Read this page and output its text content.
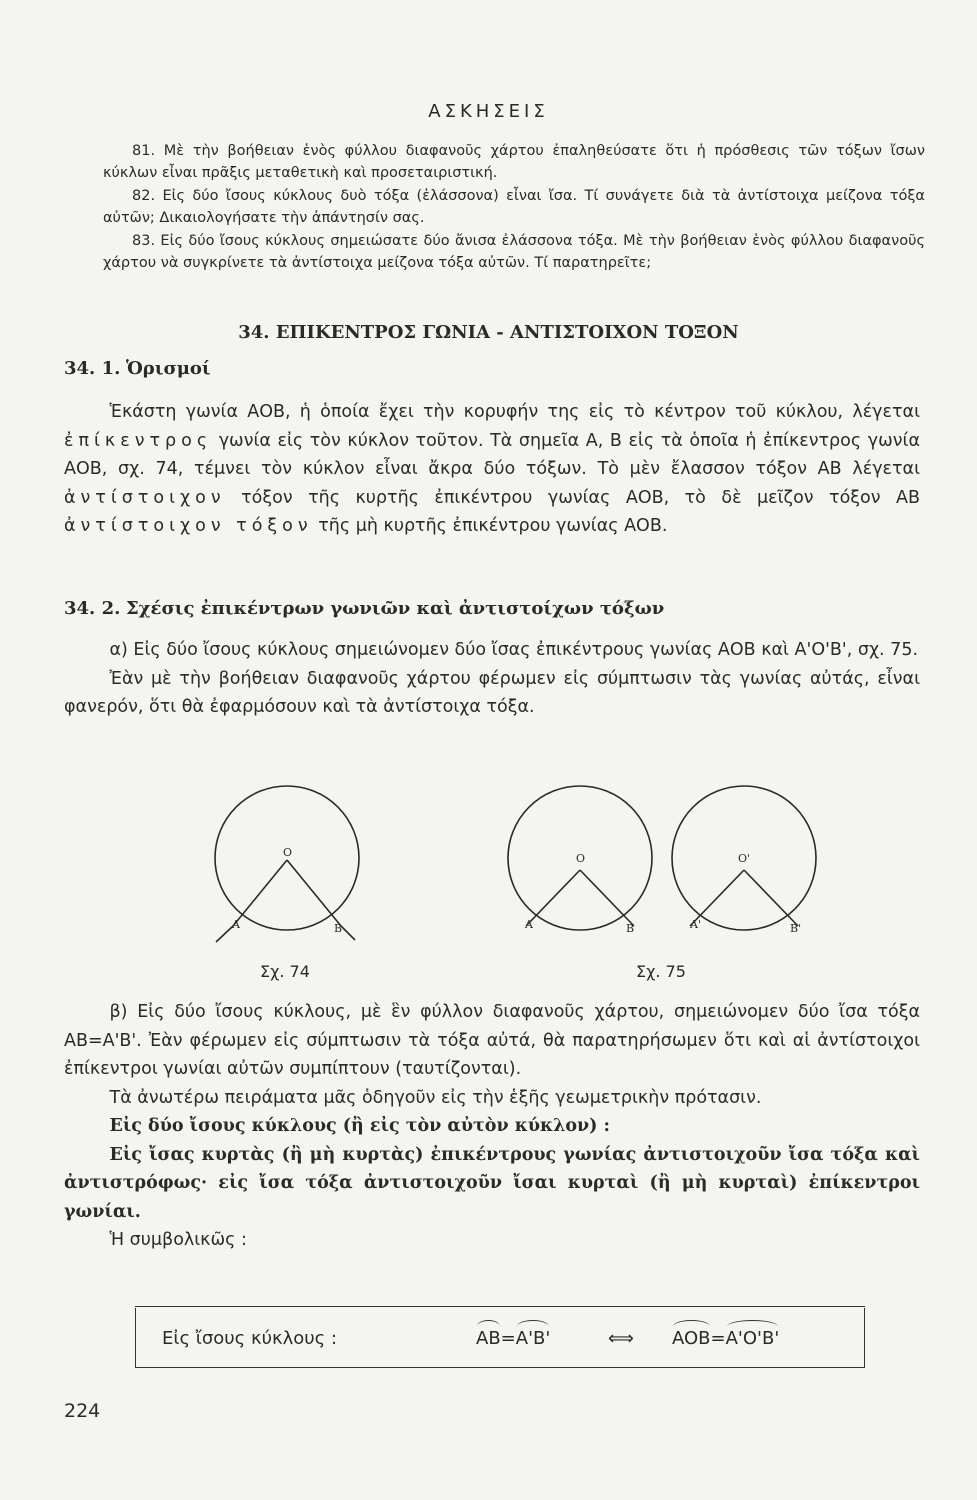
ΑΣΚΗΣΕΙΣ

81. Μὲ τὴν βοήθειαν ἑνὸς φύλλου διαφανοῦς χάρτου ἐπαληθεύσατε ὅτι ἡ πρόσθεσις τῶν τόξων ἴσων κύκλων εἶναι πρᾶξις μεταθετικὴ καὶ προσεταιριστική.

82. Εἰς δύο ἴσους κύκλους δυὸ τόξα (ἐλάσσονα) εἶναι ἴσα. Τί συνάγετε διὰ τὰ ἀντίστοιχα μείζονα τόξα αὐτῶν; Δικαιολογήσατε τὴν ἀπάντησίν σας.

83. Εἰς δύο ἴσους κύκλους σημειώσατε δύο ἄνισα ἐλάσσονα τόξα. Μὲ τὴν βοήθειαν ἑνὸς φύλλου διαφανοῦς χάρτου νὰ συγκρίνετε τὰ ἀντίστοιχα μείζονα τόξα αὐτῶν. Τί παρατηρεῖτε;

34. ΕΠΙΚΕΝΤΡΟΣ ΓΩΝΙΑ - ΑΝΤΙΣΤΟΙΧΟΝ ΤΟΞΟΝ
34. 1. Ὁρισμοί

Ἑκάστη γωνία ΑΟΒ, ἡ ὁποία ἔχει τὴν κορυφήν της εἰς τὸ κέντρον τοῦ κύκλου, λέγεται ἐπίκεντρος γωνία εἰς τὸν κύκλον τοῦτον. Τὰ σημεῖα Α, Β εἰς τὰ ὁποῖα ἡ ἐπίκεντρος γωνία ΑΟΒ, σχ. 74, τέμνει τὸν κύκλον εἶναι ἄκρα δύο τόξων. Τὸ μὲν ἔλασσον τόξον ΑΒ λέγεται ἀντίστοιχον τόξον τῆς κυρτῆς ἐπικέντρου γωνίας ΑΟΒ, τὸ δὲ μεῖζον τόξον ΑΒ ἀντίστοιχον τόξον τῆς μὴ κυρτῆς ἐπικέντρου γωνίας ΑΟΒ.

34. 2. Σχέσις ἐπικέντρων γωνιῶν καὶ ἀντιστοίχων τόξων

α) Εἰς δύο ἴσους κύκλους σημειώνομεν δύο ἴσας ἐπικέντρους γωνίας ΑΟΒ καὶ Α'Ο'Β', σχ. 75.

Ἐὰν μὲ τὴν βοήθειαν διαφανοῦς χάρτου φέρωμεν εἰς σύμπτωσιν τὰς γωνίας αὐτάς, εἶναι φανερόν, ὅτι θὰ ἐφαρμόσουν καὶ τὰ ἀντίστοιχα τόξα.

O
A	B
O
A	B
O'
A'	B'
Σχ. 74	Σχ. 75

β) Εἰς δύο ἴσους κύκλους, μὲ ἓν φύλλον διαφανοῦς χάρτου, σημειώνομεν δύο ἴσα τόξα ΑΒ=Α'Β'. Ἐὰν φέρωμεν εἰς σύμπτωσιν τὰ τόξα αὐτά, θὰ παρατηρήσωμεν ὅτι καὶ αἱ ἀντίστοιχοι ἐπίκεντροι γωνίαι αὐτῶν συμπίπτουν (ταυτίζονται).

Τὰ ἀνωτέρω πειράματα μᾶς ὁδηγοῦν εἰς τὴν ἑξῆς γεωμετρικὴν πρότασιν.

Εἰς δύο ἴσους κύκλους (ἢ εἰς τὸν αὐτὸν κύκλον) :

Εἰς ἴσας κυρτὰς (ἢ μὴ κυρτὰς) ἐπικέντρους γωνίας ἀντιστοιχοῦν ἴσα τόξα καὶ ἀντιστρόφως· εἰς ἴσα τόξα ἀντιστοιχοῦν ἴσαι κυρταὶ (ἢ μὴ κυρταὶ) ἐπίκεντροι γωνίαι.

Ἡ συμβολικῶς :

Εἰς ἴσους κύκλους :	AB=A'B'	⟺ AOB=A'O'B'
224
